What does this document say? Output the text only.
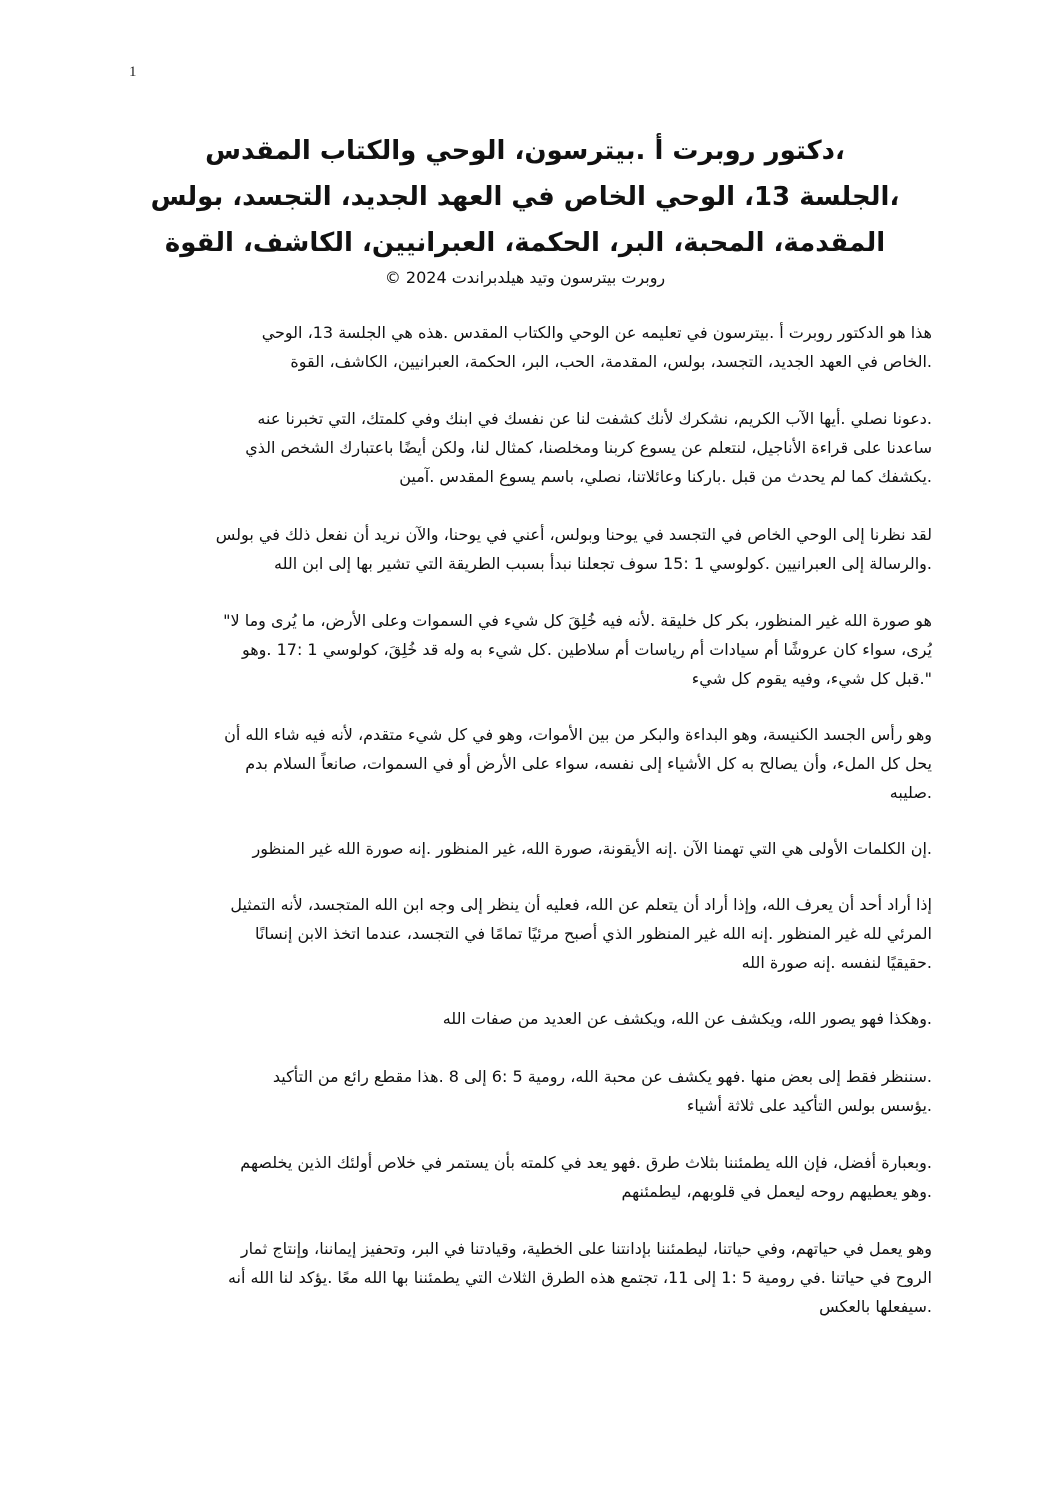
1
،دكتور روبرت أ .بيترسون، الوحي والكتاب المقدس
،الجلسة 13، الوحي الخاص في العهد الجديد، التجسد، بولس
المقدمة، المحبة، البر، الحكمة، العبرانيين، الكاشف، القوة
روبرت بيترسون وتيد هيلدبراندت 2024 ©

هذا هو الدكتور روبرت أ .بيترسون في تعليمه عن الوحي والكتاب المقدس .هذه هي الجلسة 13، الوحي
.الخاص في العهد الجديد، التجسد، بولس، المقدمة، الحب، البر، الحكمة، العبرانيين، الكاشف، القوة

.دعونا نصلي .أيها الآب الكريم، نشكرك لأنك كشفت لنا عن نفسك في ابنك وفي كلمتك، التي تخبرنا عنه
ساعدنا على قراءة الأناجيل، لنتعلم عن يسوع كربنا ومخلصنا، كمثال لنا، ولكن أيضًا باعتبارك الشخص الذي
.يكشفك كما لم يحدث من قبل .باركنا وعائلاتنا، نصلي، باسم يسوع المقدس .آمين

لقد نظرنا إلى الوحي الخاص في التجسد في يوحنا وبولس، أعني في يوحنا، والآن نريد أن نفعل ذلك في بولس
.والرسالة إلى العبرانيين .كولوسي 1 :15 سوف تجعلنا نبدأ بسبب الطريقة التي تشير بها إلى ابن الله

هو صورة الله غير المنظور، بكر كل خليقة .لأنه فيه خُلِقَ كل شيء في السموات وعلى الأرض، ما يُرى وما لا"
يُرى، سواء كان عروشًا أم سيادات أم رياسات أم سلاطين .كل شيء به وله قد خُلِقَ، كولوسي 1 :17 .وهو
".قبل كل شيء، وفيه يقوم كل شيء

وهو رأس الجسد الكنيسة، وهو البداءة والبكر من بين الأموات، وهو في كل شيء متقدم، لأنه فيه شاء الله أن
يحل كل الملء، وأن يصالح به كل الأشياء إلى نفسه، سواء على الأرض أو في السموات، صانعاً السلام بدم
.صليبه

.إن الكلمات الأولى هي التي تهمنا الآن .إنه الأيقونة، صورة الله، غير المنظور .إنه صورة الله غير المنظور

إذا أراد أحد أن يعرف الله، وإذا أراد أن يتعلم عن الله، فعليه أن ينظر إلى وجه ابن الله المتجسد، لأنه التمثيل
المرئي لله غير المنظور .إنه الله غير المنظور الذي أصبح مرئيًا تمامًا في التجسد، عندما اتخذ الابن إنسانًا
.حقيقيًا لنفسه .إنه صورة الله

.وهكذا فهو يصور الله، ويكشف عن الله، ويكشف عن العديد من صفات الله

.سننظر فقط إلى بعض منها .فهو يكشف عن محبة الله، رومية 5 :6 إلى 8 .هذا مقطع رائع من التأكيد
.يؤسس بولس التأكيد على ثلاثة أشياء

.وبعبارة أفضل، فإن الله يطمئننا بثلاث طرق .فهو يعد في كلمته بأن يستمر في خلاص أولئك الذين يخلصهم
.وهو يعطيهم روحه ليعمل في قلوبهم، ليطمئنهم

وهو يعمل في حياتهم، وفي حياتنا، ليطمئننا بإدانتنا على الخطية، وقيادتنا في البر، وتحفيز إيماننا، وإنتاج ثمار
الروح في حياتنا .في رومية 5 :1 إلى 11، تجتمع هذه الطرق الثلاث التي يطمئننا بها الله معًا .يؤكد لنا الله أنه
.سيفعلها بالعكس
